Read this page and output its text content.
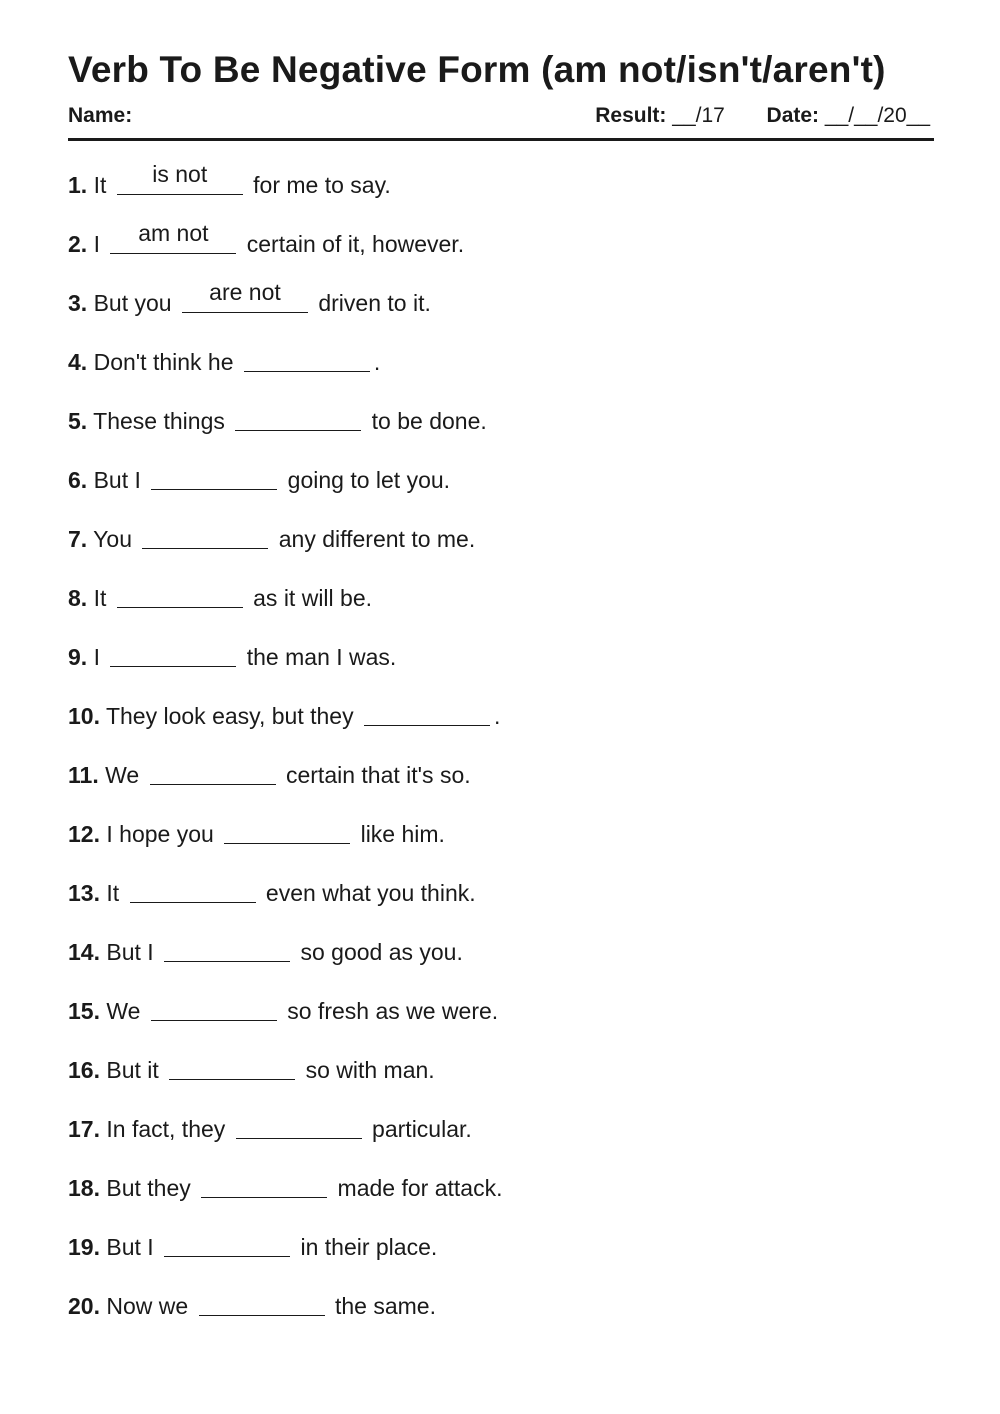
Verb To Be Negative Form (am not/isn't/aren't)
Name:	Result: __/17 Date: __/__/20__
1. It	is not	for me to say.
2. I	am not	certain of it, however.
3. But you	are not	driven to it.
4. Don't think he	.
5. These things	to be done.
6. But I	going to let you.
7. You	any different to me.
8. It	as it will be.
9. I	the man I was.
10. They look easy, but they	.
11. We	certain that it's so.
12. I hope you	like him.
13. It	even what you think.
14. But I	so good as you.
15. We	so fresh as we were.
16. But it	so with man.
17. In fact, they	particular.
18. But they	made for attack.
19. But I	in their place.
20. Now we	the same.
